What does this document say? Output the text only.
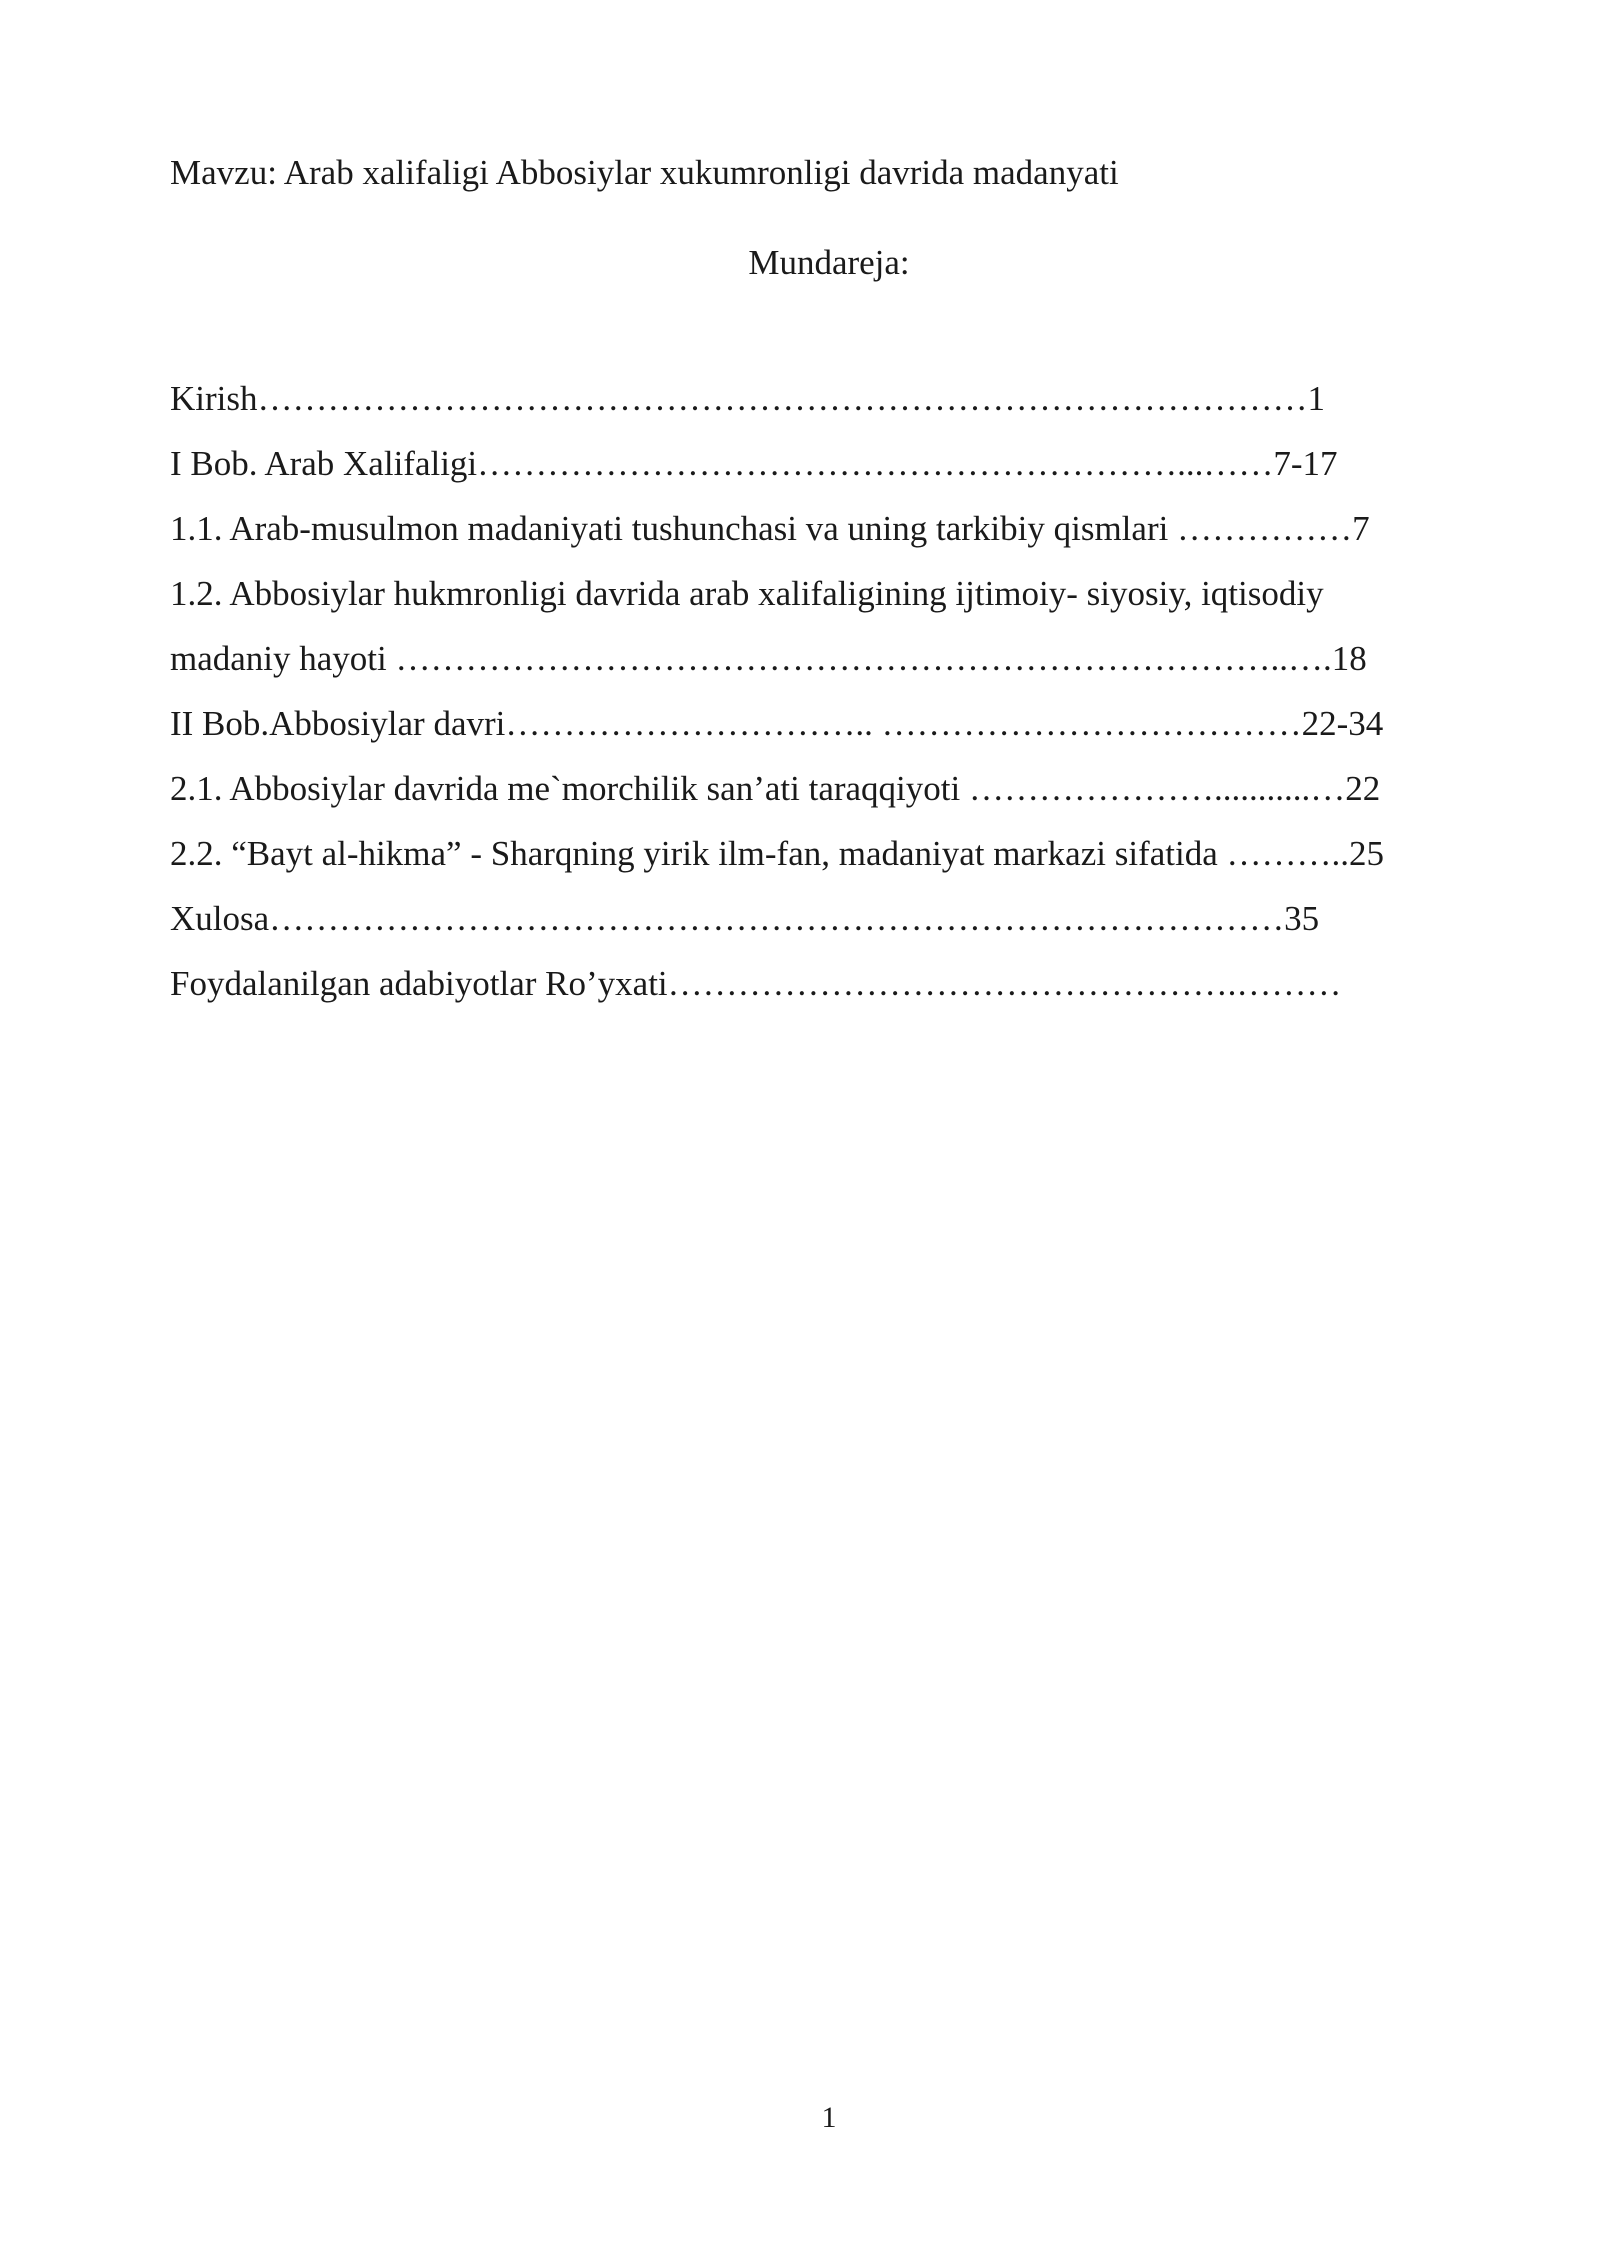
Mavzu: Arab xalifaligi Abbosiylar xukumronligi davrida madanyati
Mundareja:
Kirish………………………………………………………………………………1
I Bob. Arab Xalifaligi……………………………………………………...……7-17
1.1. Arab-musulmon madaniyati tushunchasi va uning tarkibiy qismlari ……………7
1.2. Abbosiylar hukmronligi davrida arab xalifaligining ijtimoiy- siyosiy, iqtisodiy
madaniy hayoti …………………………………………………………………..….18
II Bob.Abbosiylar davri………………………….. ………………………………22-34
2.1. Abbosiylar davrida me`morchilik san’ati taraqqiyoti …………………...........…22
2.2. “Bayt al-hikma” - Sharqning yirik ilm-fan, madaniyat markazi sifatida ………..25
Xulosa……………………………………………………………………………35
Foydalanilgan adabiyotlar Ro’yxati………………………………………….………
1
